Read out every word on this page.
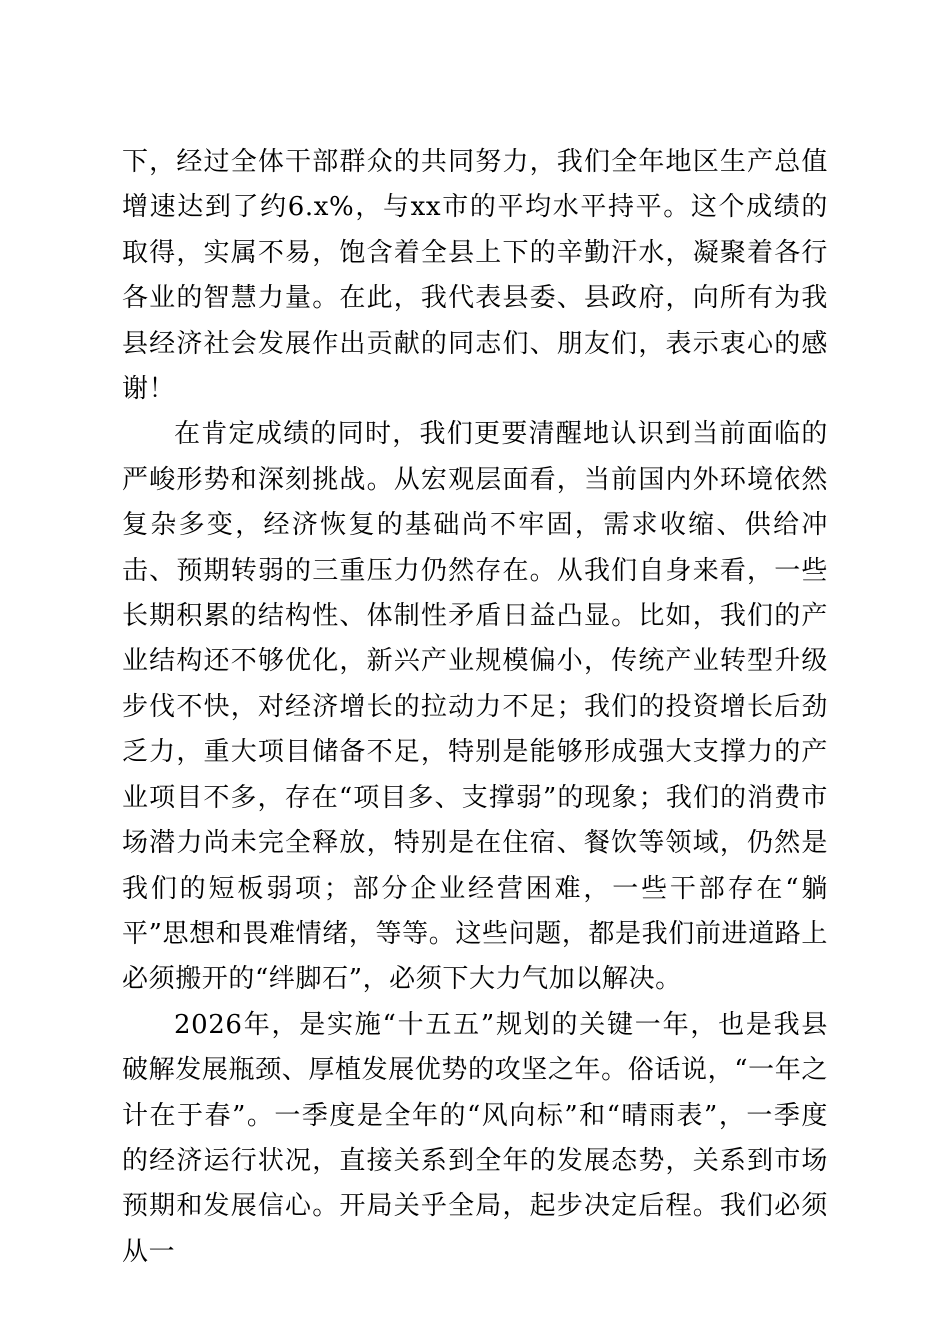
下，经过全体干部群众的共同努力，我们全年地区生产总值增速达到了约6.x%，与xx市的平均水平持平。这个成绩的取得，实属不易，饱含着全县上下的辛勤汗水，凝聚着各行各业的智慧力量。在此，我代表县委、县政府，向所有为我县经济社会发展作出贡献的同志们、朋友们，表示衷心的感谢！

在肯定成绩的同时，我们更要清醒地认识到当前面临的严峻形势和深刻挑战。从宏观层面看，当前国内外环境依然复杂多变，经济恢复的基础尚不牢固，需求收缩、供给冲击、预期转弱的三重压力仍然存在。从我们自身来看，一些长期积累的结构性、体制性矛盾日益凸显。比如，我们的产业结构还不够优化，新兴产业规模偏小，传统产业转型升级步伐不快，对经济增长的拉动力不足；我们的投资增长后劲乏力，重大项目储备不足，特别是能够形成强大支撑力的产业项目不多，存在“项目多、支撑弱”的现象；我们的消费市场潜力尚未完全释放，特别是在住宿、餐饮等领域，仍然是我们的短板弱项；部分企业经营困难，一些干部存在“躺平”思想和畏难情绪，等等。这些问题，都是我们前进道路上必须搬开的“绊脚石”，必须下大力气加以解决。

2026年，是实施“十五五”规划的关键一年，也是我县破解发展瓶颈、厚植发展优势的攻坚之年。俗话说，“一年之计在于春”。一季度是全年的“风向标”和“晴雨表”，一季度的经济运行状况，直接关系到全年的发展态势，关系到市场预期和发展信心。开局关乎全局，起步决定后程。我们必须从一
